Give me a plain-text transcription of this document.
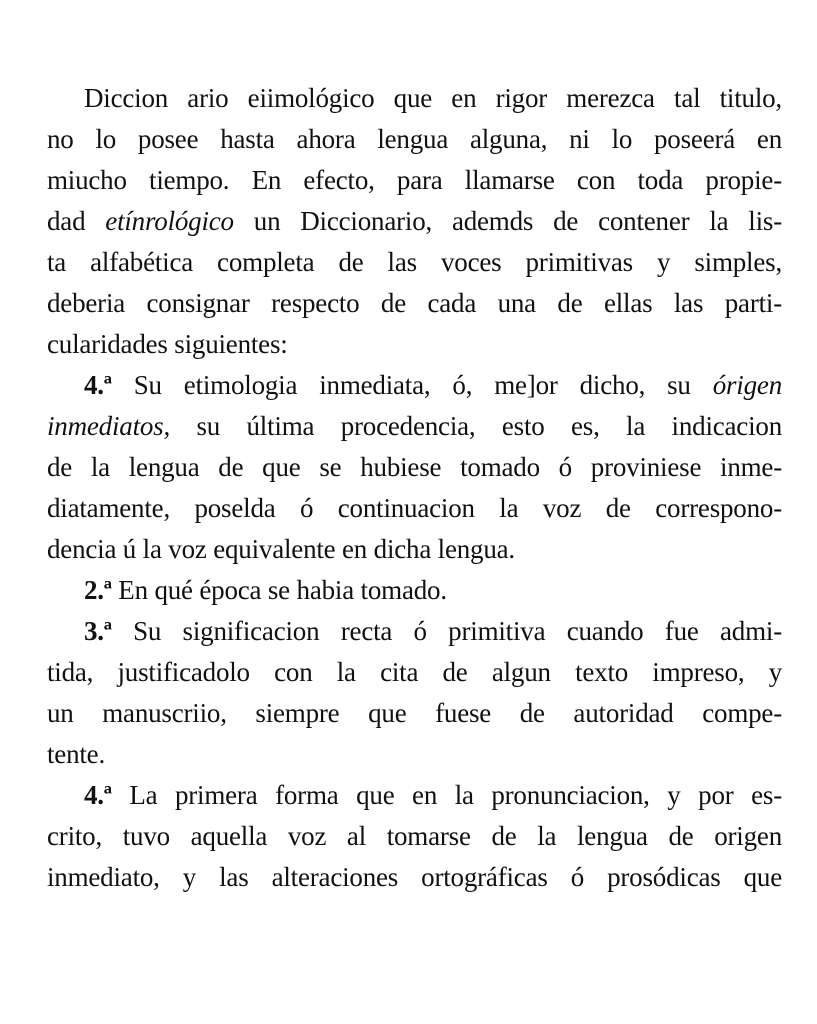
Diccion ario eiimológico que en rigor merezca tal titulo,
no lo posee hasta ahora lengua alguna, ni lo poseerá en
miucho tiempo. En efecto, para llamarse con toda propie-
dad etínrológico un Diccionario, ademds de contener la lis-
ta alfabética completa de las voces primitivas y simples,
deberia consignar respecto de cada una de ellas las parti-
cularidades siguientes:
4.ª Su etimologia inmediata, ó, me]or dicho, su órigen
inmediatos, su última procedencia, esto es, la indicacion
de la lengua de que se hubiese tomado ó proviniese inme-
diatamente, poselda ó continuacion la voz de correspono-
dencia ú la voz equivalente en dicha lengua.
2.ª En qué época se habia tomado.
3.ª Su significacion recta ó primitiva cuando fue admi-
tida, justificadolo con la cita de algun texto impreso, y
un manuscriio, siempre que fuese de autoridad compe-
tente.
4.ª La primera forma que en la pronunciacion, y por es-
crito, tuvo aquella voz al tomarse de la lengua de origen
inmediato, y las alteraciones ortográficas ó prosódicas que
